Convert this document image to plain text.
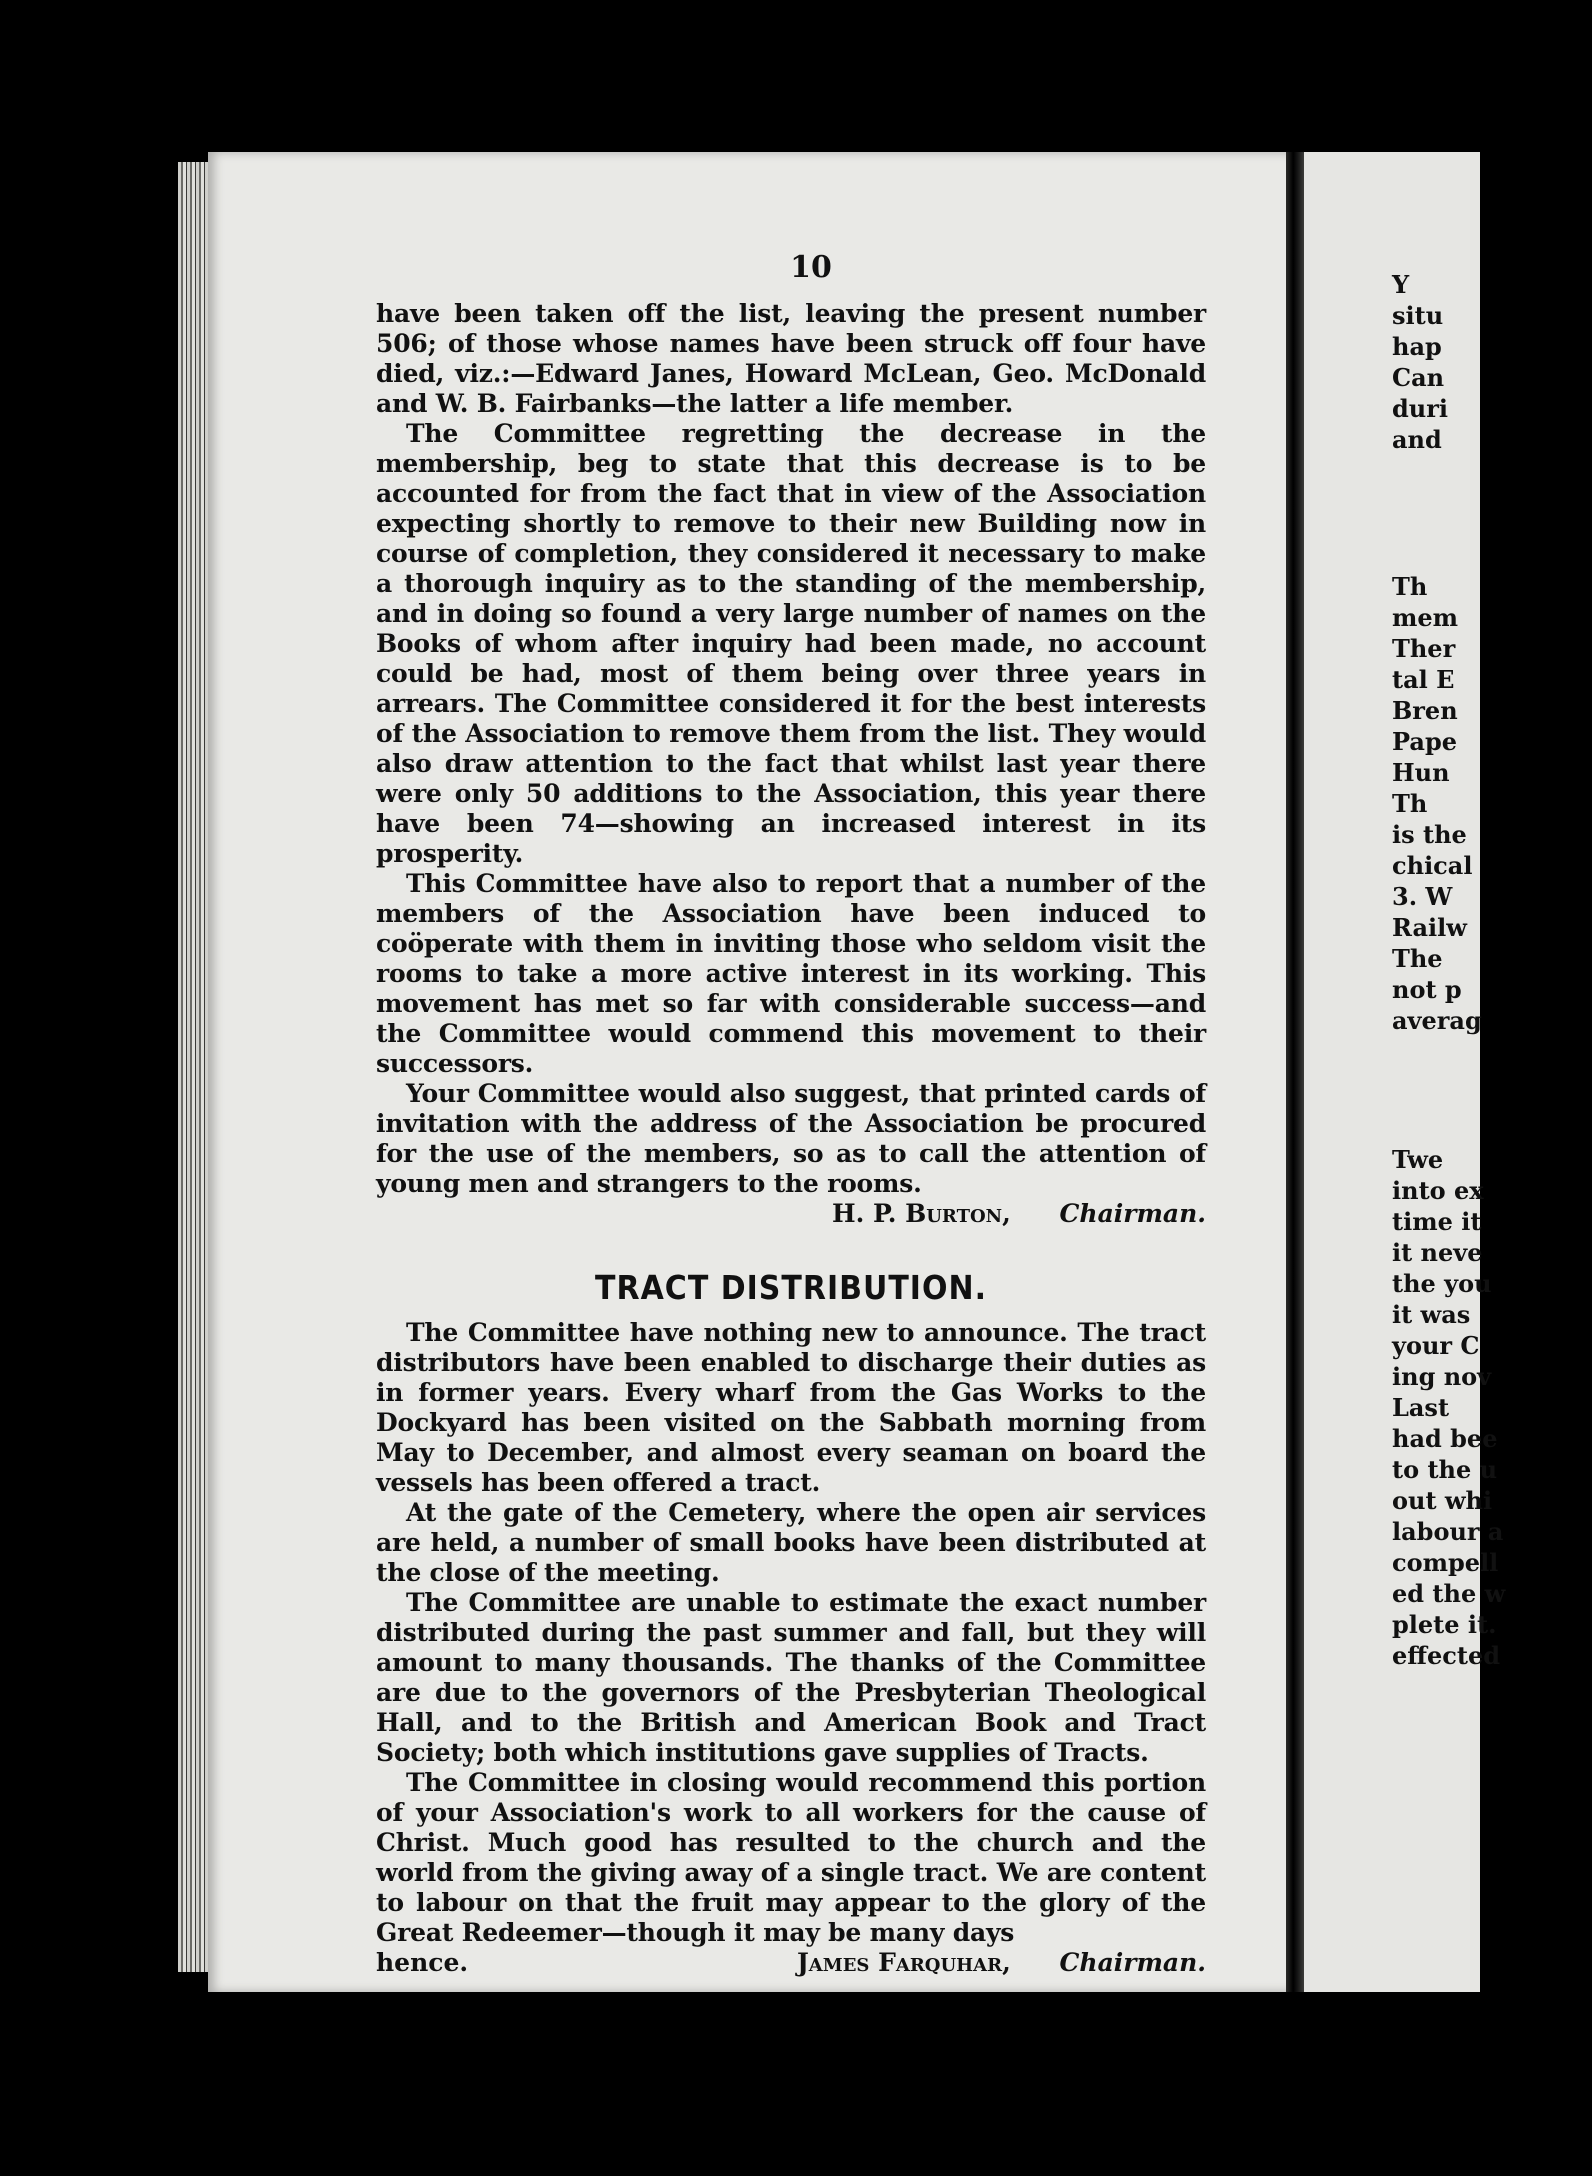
Y
situ
hap
Can
duri
and
Th
mem
Ther
tal E
Bren
Pape
Hun
Th
is the
chical
3. W
Railw
The
not p
averag
Twe
into ex
time it
it neve
the you
it was
your C
ing nov
Last
had bee
to the u
out whi
labour a
compell
ed the w
plete it.
effected
10

have been taken off the list, leaving the present number 506; of those whose names have been struck off four have died, viz.:—Edward Janes, Howard McLean, Geo. McDonald and W. B. Fairbanks—the latter a life member.

The Committee regretting the decrease in the membership, beg to state that this decrease is to be accounted for from the fact that in view of the Association expecting shortly to remove to their new Building now in course of completion, they considered it necessary to make a thorough inquiry as to the standing of the membership, and in doing so found a very large number of names on the Books of whom after inquiry had been made, no account could be had, most of them being over three years in arrears. The Committee considered it for the best interests of the Association to remove them from the list. They would also draw attention to the fact that whilst last year there were only 50 additions to the Association, this year there have been 74—showing an increased interest in its prosperity.

This Committee have also to report that a number of the members of the Association have been induced to coöperate with them in inviting those who seldom visit the rooms to take a more active interest in its working. This movement has met so far with considerable success—and the Committee would commend this movement to their successors.

Your Committee would also suggest, that printed cards of invitation with the address of the Association be procured for the use of the members, so as to call the attention of young men and strangers to the rooms.

H. P. Burton, Chairman.
TRACT DISTRIBUTION.

The Committee have nothing new to announce. The tract distributors have been enabled to discharge their duties as in former years. Every wharf from the Gas Works to the Dockyard has been visited on the Sabbath morning from May to December, and almost every seaman on board the vessels has been offered a tract.

At the gate of the Cemetery, where the open air services are held, a number of small books have been distributed at the close of the meeting.

The Committee are unable to estimate the exact number distributed during the past summer and fall, but they will amount to many thousands. The thanks of the Committee are due to the governors of the Presbyterian Theological Hall, and to the British and American Book and Tract Society; both which institutions gave supplies of Tracts.

The Committee in closing would recommend this portion of your Association's work to all workers for the cause of Christ. Much good has resulted to the church and the world from the giving away of a single tract. We are content to labour on that the fruit may appear to the glory of the Great Redeemer—though it may be many days

hence.	James Farquhar, Chairman.
